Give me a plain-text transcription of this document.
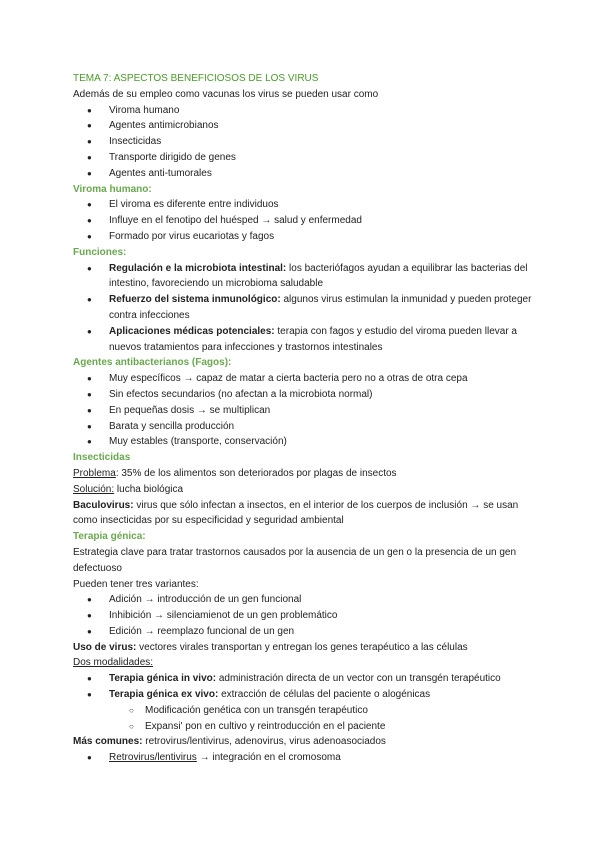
TEMA 7: ASPECTOS BENEFICIOSOS DE LOS VIRUS

Además de su empleo como vacunas los virus se pueden usar como

● Viroma humano
● Agentes antimicrobianos
● Insecticidas
● Transporte dirigido de genes
● Agentes anti-tumorales

Viroma humano:

● El viroma es diferente entre individuos
● Influye en el fenotipo del huésped → salud y enfermedad
● Formado por virus eucariotas y fagos

Funciones:

● Regulación e la microbiota intestinal: los bacteriófagos ayudan a equilibrar las bacterias del intestino, favoreciendo un microbioma saludable
● Refuerzo del sistema inmunológico: algunos virus estimulan la inmunidad y pueden proteger contra infecciones
● Aplicaciones médicas potenciales: terapia con fagos y estudio del viroma pueden llevar a nuevos tratamientos para infecciones y trastornos intestinales

Agentes antibacterianos (Fagos):

● Muy específicos → capaz de matar a cierta bacteria pero no a otras de otra cepa
● Sin efectos secundarios (no afectan a la microbiota normal)
● En pequeñas dosis → se multiplican
● Barata y sencilla producción
● Muy estables (transporte, conservación)

Insecticidas

Problema: 35% de los alimentos son deteriorados por plagas de insectos

Solución: lucha biológica

Baculovirus: virus que sólo infectan a insectos, en el interior de los cuerpos de inclusión → se usan como insecticidas por su especificidad y seguridad ambiental

Terapia génica:

Estrategia clave para tratar trastornos causados por la ausencia de un gen o la presencia de un gen defectuoso

Pueden tener tres variantes:

● Adición → introducción de un gen funcional
● Inhibición → silenciamienot de un gen problemático
● Edición → reemplazo funcional de un gen

Uso de virus: vectores virales transportan y entregan los genes terapéutico a las células

Dos modalidades:

● Terapia génica in vivo: administración directa de un vector con un transgén terapéutico
● Terapia génica ex vivo: extracción de células del paciente o alogénicas
○ Modificación genética con un transgén terapéutico
○ Expansi' pon en cultivo y reintroducción en el paciente

Más comunes: retrovirus/lentivirus, adenovirus, virus adenoasociados

● Retrovirus/lentivirus → integración en el cromosoma
